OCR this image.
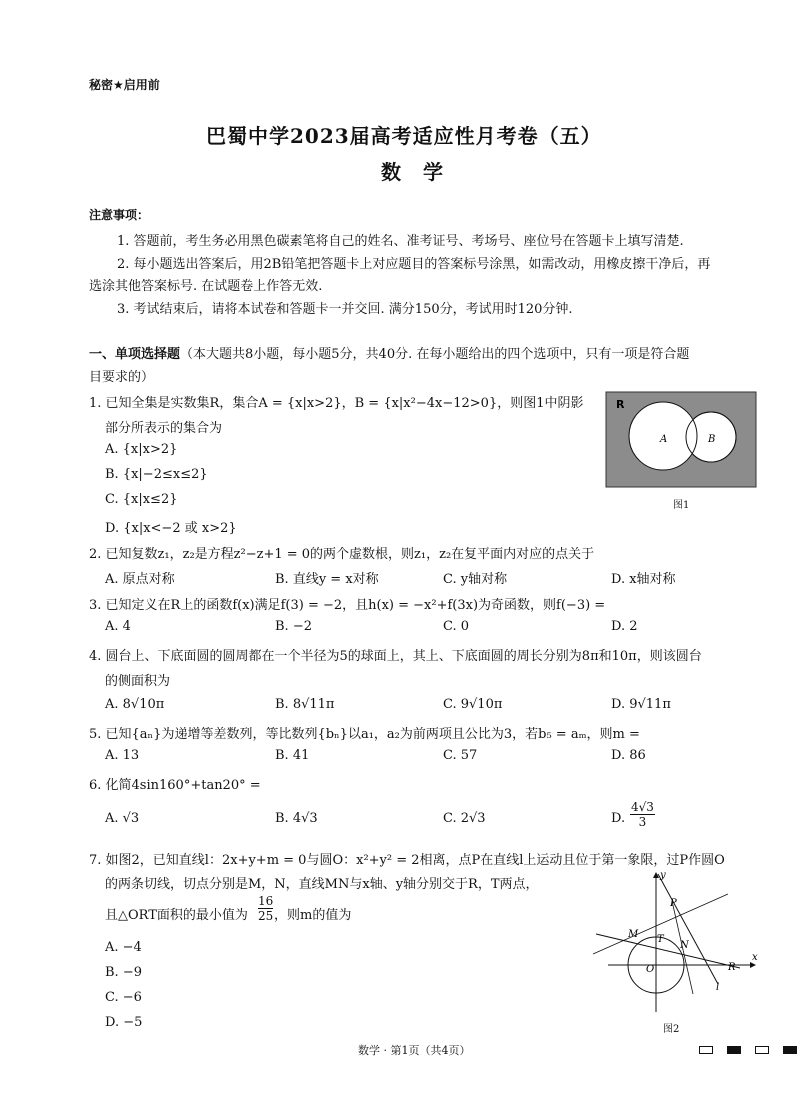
秘密★启用前
巴蜀中学2023届高考适应性月考卷（五）
数学
注意事项：
1. 答题前，考生务必用黑色碳素笔将自己的姓名、准考证号、考场号、座位号在答题卡上填写清楚.
2. 每小题选出答案后，用2B铅笔把答题卡上对应题目的答案标号涂黑，如需改动，用橡皮擦干净后，再
选涂其他答案标号. 在试题卷上作答无效.
3. 考试结束后，请将本试卷和答题卡一并交回. 满分150分，考试用时120分钟.
一、单项选择题（本大题共8小题，每小题5分，共40分. 在每小题给出的四个选项中，只有一项是符合题
目要求的）
1. 已知全集是实数集R，集合A = {x|x>2}，B = {x|x²−4x−12>0}，则图1中阴影
部分所表示的集合为
A. {x|x>2}
B. {x|−2≤x≤2}
C. {x|x≤2}
D. {x|x<−2 或 x>2}
R
A	B
图1
2. 已知复数z₁，z₂是方程z²−z+1 = 0的两个虚数根，则z₁，z₂在复平面内对应的点关于
A. 原点对称	B. 直线y = x对称	C. y轴对称	D. x轴对称
3. 已知定义在R上的函数f(x)满足f(3) = −2，且h(x) = −x²+f(3x)为奇函数，则f(−3) =
A. 4	B. −2	C. 0	D. 2
4. 圆台上、下底面圆的圆周都在一个半径为5的球面上，其上、下底面圆的周长分别为8π和10π，则该圆台
的侧面积为
A. 8√10π	B. 8√11π	C. 9√10π	D. 9√11π
5. 已知{aₙ}为递增等差数列，等比数列{bₙ}以a₁，a₂为前两项且公比为3，若b₅ = aₘ，则m =
A. 13	B. 41	C. 57	D. 86
6. 化简4sin160°+tan20° =
A. √3	B. 4√3	C. 2√3	D. $\frac{4√3}{3}$
7. 如图2，已知直线l：2x+y+m = 0与圆O：x²+y² = 2相离，点P在直线l上运动且位于第一象限，过P作圆O
的两条切线，切点分别是M，N，直线MN与x轴、y轴分别交于R，T两点，
且△ORT面积的最小值为 $\frac{16}{25}$ ，则m的值为
A. −4
B. −9
C. −6
D. −5
y
x
P
M T
N
O	R
l
图2
数学 · 第1页（共4页）
